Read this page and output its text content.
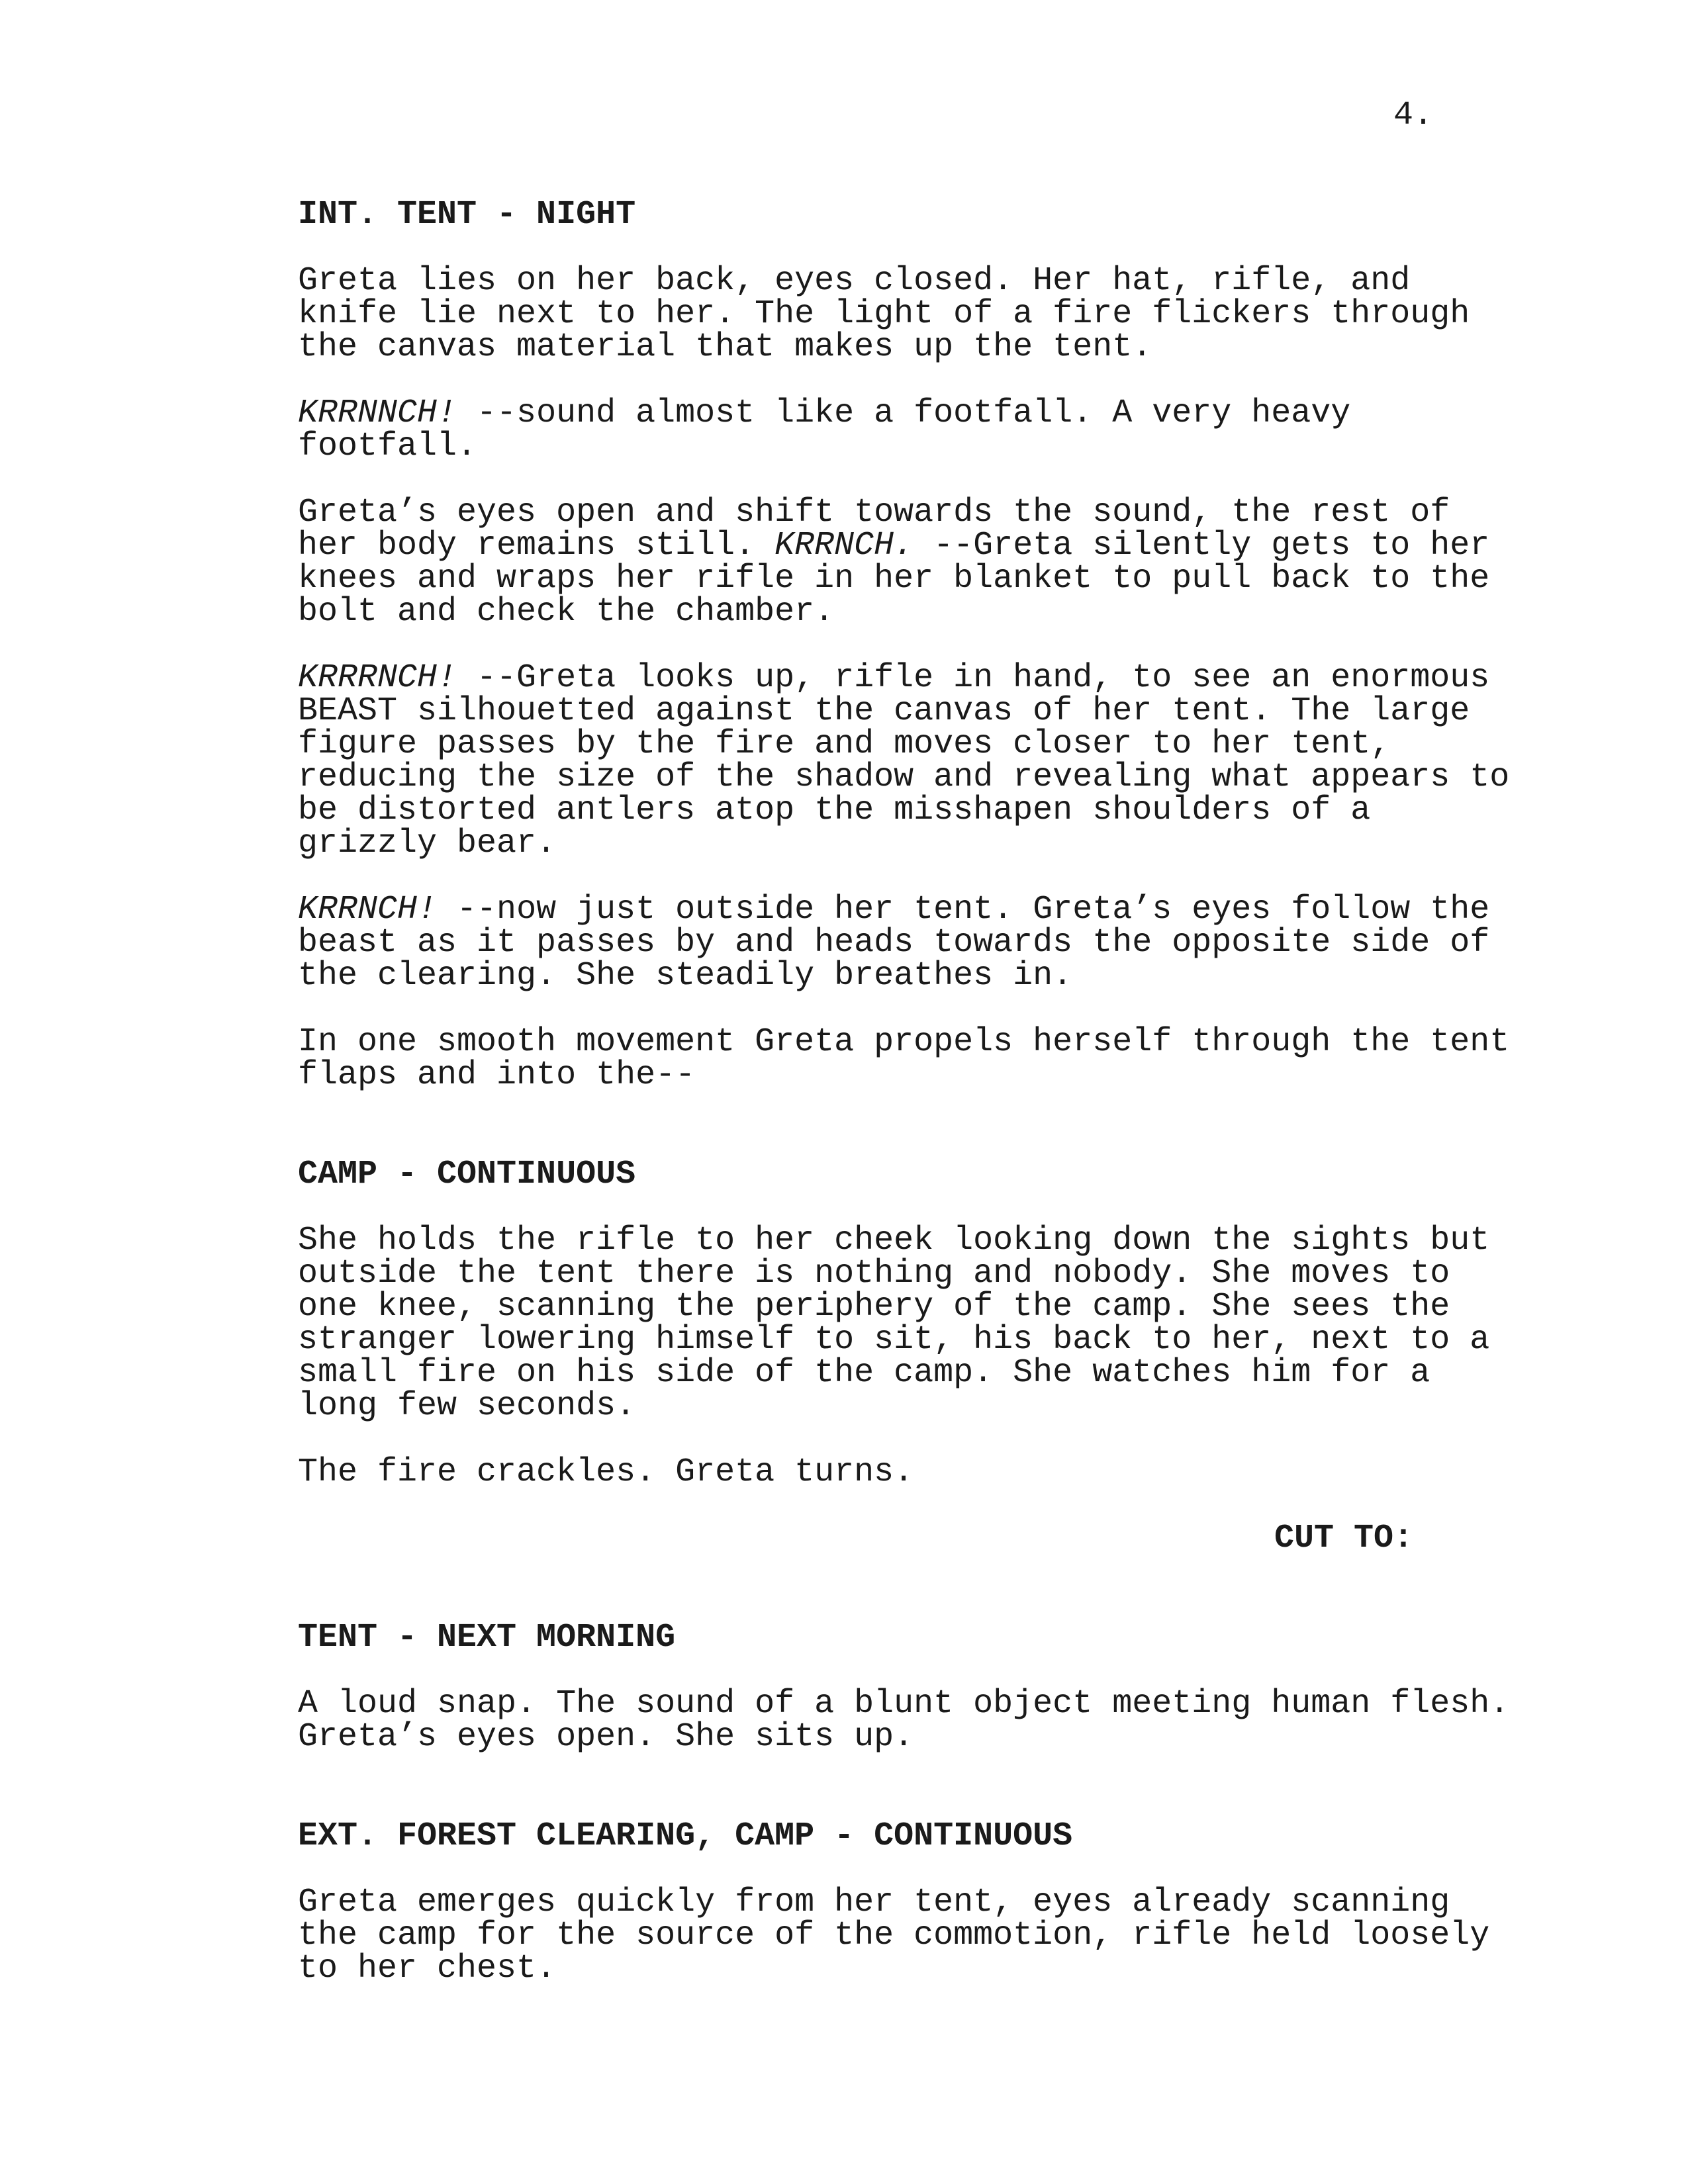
4.
INT. TENT - NIGHT
Greta lies on her back, eyes closed. Her hat, rifle, and
knife lie next to her. The light of a fire flickers through
the canvas material that makes up the tent.
KRRNNCH! --sound almost like a footfall. A very heavy
footfall.
Greta’s eyes open and shift towards the sound, the rest of
her body remains still. KRRNCH. --Greta silently gets to her
knees and wraps her rifle in her blanket to pull back to the
bolt and check the chamber.
KRRRNCH! --Greta looks up, rifle in hand, to see an enormous
BEAST silhouetted against the canvas of her tent. The large
figure passes by the fire and moves closer to her tent,
reducing the size of the shadow and revealing what appears to
be distorted antlers atop the misshapen shoulders of a
grizzly bear.
KRRNCH! --now just outside her tent. Greta’s eyes follow the
beast as it passes by and heads towards the opposite side of
the clearing. She steadily breathes in.
In one smooth movement Greta propels herself through the tent
flaps and into the--
CAMP - CONTINUOUS
She holds the rifle to her cheek looking down the sights but
outside the tent there is nothing and nobody. She moves to
one knee, scanning the periphery of the camp. She sees the
stranger lowering himself to sit, his back to her, next to a
small fire on his side of the camp. She watches him for a
long few seconds.
The fire crackles. Greta turns.
CUT TO:
TENT - NEXT MORNING
A loud snap. The sound of a blunt object meeting human flesh.
Greta’s eyes open. She sits up.
EXT. FOREST CLEARING, CAMP - CONTINUOUS
Greta emerges quickly from her tent, eyes already scanning
the camp for the source of the commotion, rifle held loosely
to her chest.
